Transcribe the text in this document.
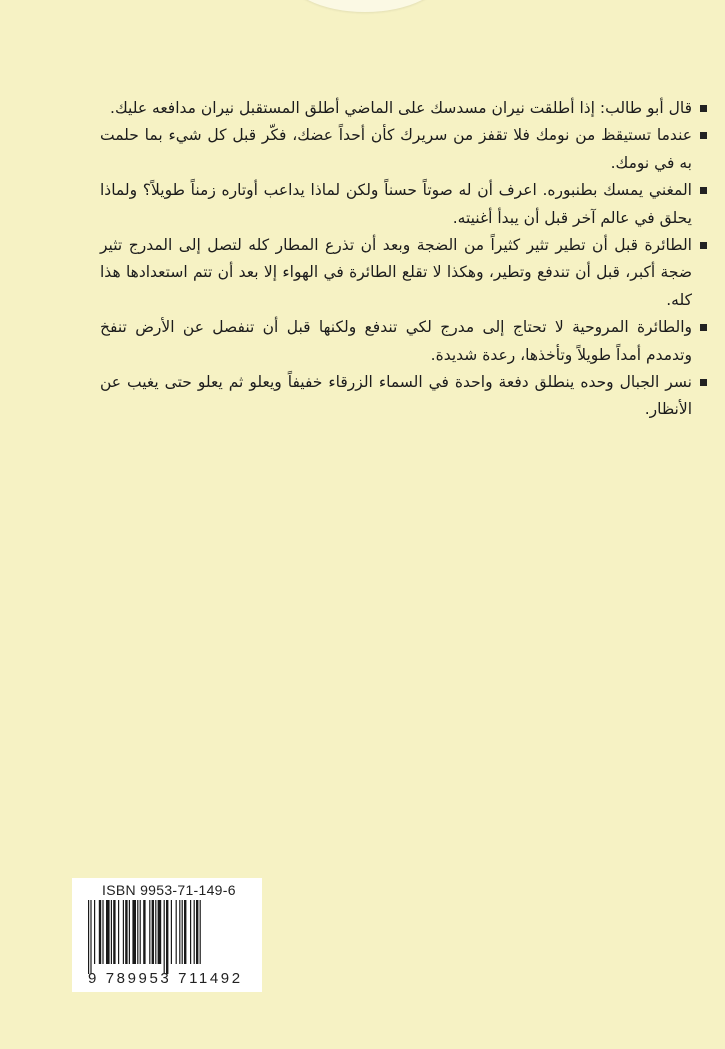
قال أبو طالب: إذا أطلقت نيران مسدسك على الماضي أطلق المستقبل نيران مدافعه عليك.

عندما تستيقظ من نومك فلا تقفز من سريرك كأن أحداً عضك، فكّر قبل كل شيء بما حلمت به في نومك.

المغني يمسك بطنبوره. اعرف أن له صوتاً حسناً ولكن لماذا يداعب أوتاره زمناً طويلاً؟ ولماذا يحلق في عالم آخر قبل أن يبدأ أغنيته.

الطائرة قبل أن تطير تثير كثيراً من الضجة وبعد أن تذرع المطار كله لتصل إلى المدرج تثير ضجة أكبر، قبل أن تندفع وتطير، وهكذا لا تقلع الطائرة في الهواء إلا بعد أن تتم استعدادها هذا كله.

والطائرة المروحية لا تحتاج إلى مدرج لكي تندفع ولكنها قبل أن تنفصل عن الأرض تنفخ وتدمدم أمداً طويلاً وتأخذها، رعدة شديدة.

نسر الجبال وحده ينطلق دفعة واحدة في السماء الزرقاء خفيفاً ويعلو ثم يعلو حتى يغيب عن الأنظار.

ISBN 9953-71-149-6
9 789953 711492
